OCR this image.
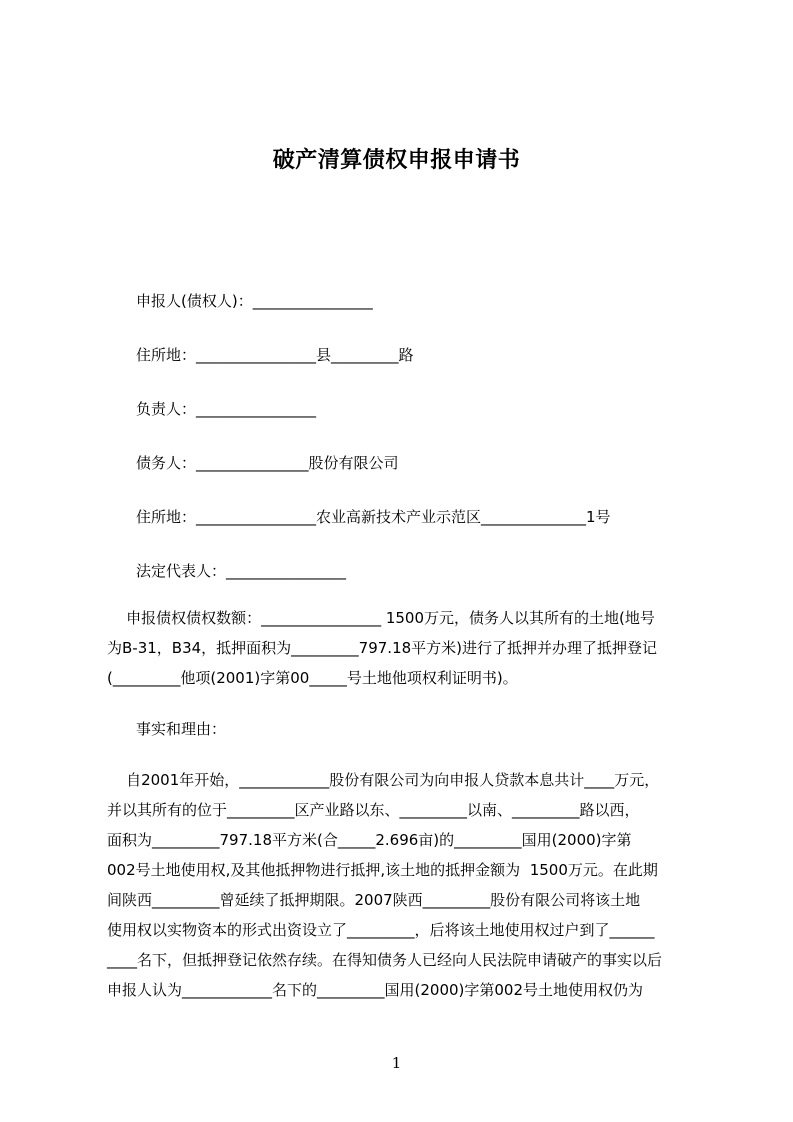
破产清算债权申报申请书
申报人(债权人)：________________
住所地：________________县_________路
负责人：________________
债务人：_______________股份有限公司
住所地：________________农业高新技术产业示范区______________1号
法定代表人：________________
申报债权债权数额：________________ 1500万元，债务人以其所有的土地(地号
为B-31，B34，抵押面积为_________797.18平方米)进行了抵押并办理了抵押登记
(_________他项(2001)字第00_____号土地他项权利证明书)。
事实和理由：
自2001年开始，____________股份有限公司为向申报人贷款本息共计____万元，
并以其所有的位于_________区产业路以东、_________以南、_________路以西，
面积为_________797.18平方米(合_____2.696亩)的_________国用(2000)字第
002号土地使用权,及其他抵押物进行抵押,该土地的抵押金额为  1500万元。在此期
间陕西_________曾延续了抵押期限。2007陕西_________股份有限公司将该土地
使用权以实物资本的形式出资设立了_________，后将该土地使用权过户到了______
____名下，但抵押登记依然存续。在得知债务人已经向人民法院申请破产的事实以后
申报人认为____________名下的_________国用(2000)字第002号土地使用权仍为
1
